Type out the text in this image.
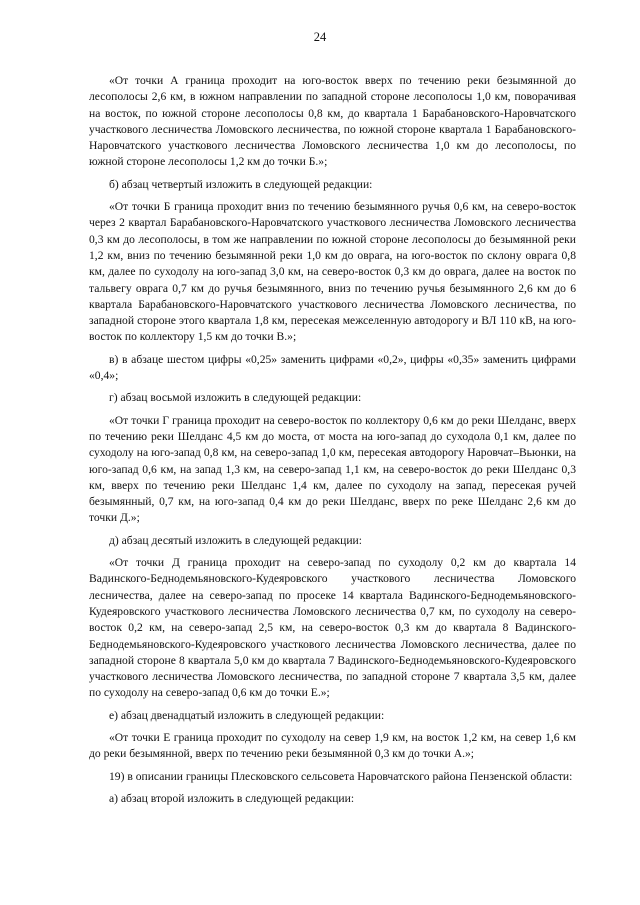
24

«От точки А граница проходит на юго-восток вверх по течению реки безымянной до лесополосы 2,6 км, в южном направлении по западной стороне лесополосы 1,0 км, поворачивая на восток, по южной стороне лесополосы 0,8 км, до квартала 1 Барабановского-Наровчатского участкового лесничества Ломовского лесничества, по южной стороне квартала 1 Барабановского-Наровчатского участкового лесничества Ломовского лесничества 1,0 км до лесополосы, по южной стороне лесополосы 1,2 км до точки Б.»;

б) абзац четвертый изложить в следующей редакции:

«От точки Б граница проходит вниз по течению безымянного ручья 0,6 км, на северо-восток через 2 квартал Барабановского-Наровчатского участкового лесничества Ломовского лесничества 0,3 км до лесополосы, в том же направлении по южной стороне лесополосы до безымянной реки 1,2 км, вниз по течению безымянной реки 1,0 км до оврага, на юго-восток по склону оврага 0,8 км, далее по суходолу на юго-запад 3,0 км, на северо-восток 0,3 км до оврага, далее на восток по тальвегу оврага 0,7 км до ручья безымянного, вниз по течению ручья безымянного 2,6 км до 6 квартала Барабановского-Наровчатского участкового лесничества Ломовского лесничества, по западной стороне этого квартала 1,8 км, пересекая межселенную автодорогу и ВЛ 110 кВ, на юго-восток по коллектору 1,5 км до точки В.»;

в) в абзаце шестом цифры «0,25» заменить цифрами «0,2», цифры «0,35» заменить цифрами «0,4»;

г) абзац восьмой изложить в следующей редакции:

«От точки Г граница проходит на северо-восток по коллектору 0,6 км до реки Шелданс, вверх по течению реки Шелданс 4,5 км до моста, от моста на юго-запад до суходола 0,1 км, далее по суходолу на юго-запад 0,8 км, на северо-запад 1,0 км, пересекая автодорогу Наровчат–Вьюнки, на юго-запад 0,6 км, на запад 1,3 км, на северо-запад 1,1 км, на северо-восток до реки Шелданс 0,3 км, вверх по течению реки Шелданс 1,4 км, далее по суходолу на запад, пересекая ручей безымянный, 0,7 км, на юго-запад 0,4 км до реки Шелданс, вверх по реке Шелданс 2,6 км до точки Д.»;

д) абзац десятый изложить в следующей редакции:

«От точки Д граница проходит на северо-запад по суходолу 0,2 км до квартала 14 Вадинского-Беднодемьяновского-Кудеяровского участкового лесничества Ломовского лесничества, далее на северо-запад по просеке 14 квартала Вадинского-Беднодемьяновского-Кудеяровского участкового лесничества Ломовского лесничества 0,7 км, по суходолу на северо-восток 0,2 км, на северо-запад 2,5 км, на северо-восток 0,3 км до квартала 8 Вадинского-Беднодемьяновского-Кудеяровского участкового лесничества Ломовского лесничества, далее по западной стороне 8 квартала 5,0 км до квартала 7 Вадинского-Беднодемьяновского-Кудеяровского участкового лесничества Ломовского лесничества, по западной стороне 7 квартала 3,5 км, далее по суходолу на северо-запад 0,6 км до точки Е.»;

е) абзац двенадцатый изложить в следующей редакции:

«От точки Е граница проходит по суходолу на север 1,9 км, на восток 1,2 км, на север 1,6 км до реки безымянной, вверх по течению реки безымянной 0,3 км до точки А.»;

19) в описании границы Плесковского сельсовета Наровчатского района Пензенской области:

а) абзац второй изложить в следующей редакции:
